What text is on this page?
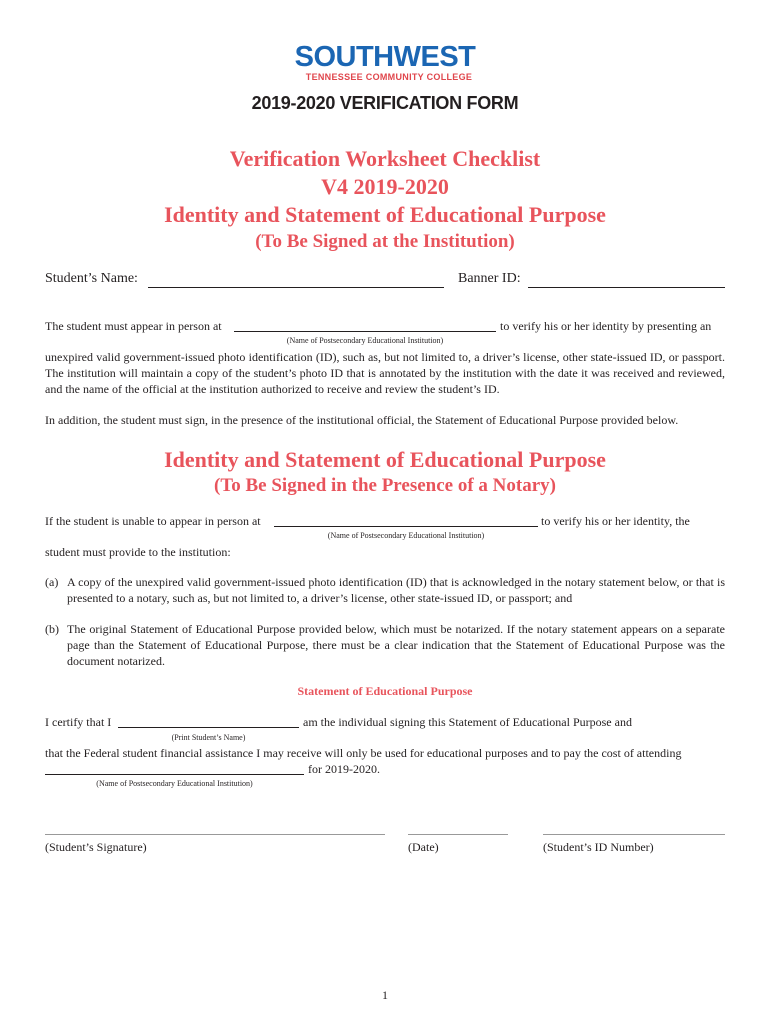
SOUTHWEST
TENNESSEE COMMUNITY COLLEGE
2019-2020 VERIFICATION FORM
Verification Worksheet Checklist
V4 2019-2020
Identity and Statement of Educational Purpose
(To Be Signed at the Institution)
Student’s Name:	Banner ID:
The student must appear in person at	to verify his or her identity by presenting an
(Name of Postsecondary Educational Institution)
unexpired valid government-issued photo identification (ID), such as, but not limited to, a driver’s license, other state-issued ID, or passport. The institution will maintain a copy of the student’s photo ID that is annotated by the institution with the date it was received and reviewed, and the name of the official at the institution authorized to receive and review the student’s ID.
In addition, the student must sign, in the presence of the institutional official, the Statement of Educational Purpose provided below.
Identity and Statement of Educational Purpose
(To Be Signed in the Presence of a Notary)
If the student is unable to appear in person at	to verify his or her identity, the
(Name of Postsecondary Educational Institution)
student must provide to the institution:
(a) A copy of the unexpired valid government-issued photo identification (ID) that is acknowledged in the notary statement below, or that is presented to a notary, such as, but not limited to, a driver’s license, other state-issued ID, or passport; and
(b) The original Statement of Educational Purpose provided below, which must be notarized. If the notary statement appears on a separate page than the Statement of Educational Purpose, there must be a clear indication that the Statement of Educational Purpose was the document notarized.
Statement of Educational Purpose
I certify that I	am the individual signing this Statement of Educational Purpose and
(Print Student’s Name)
that the Federal student financial assistance I may receive will only be used for educational purposes and to pay the cost of attending
for 2019-2020.
(Name of Postsecondary Educational Institution)
(Student’s Signature)	(Date)	(Student’s ID Number)
1
